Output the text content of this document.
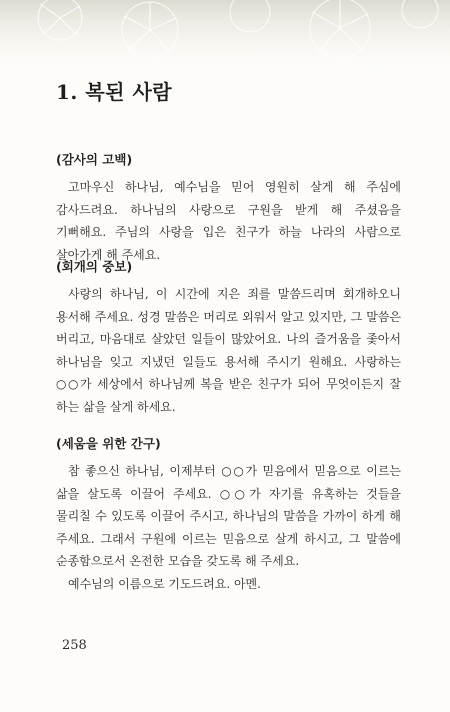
1. 복된 사람
(감사의 고백)

고마우신 하나님, 예수님을 믿어 영원히 살게 해 주심에 감사드려요. 하나님의 사랑으로 구원을 받게 해 주셨음을 기뻐해요. 주님의 사랑을 입은 친구가 하늘 나라의 사람으로 살아가게 해 주세요.

(회개의 중보)

사랑의 하나님, 이 시간에 지은 죄를 말씀드리며 회개하오니 용서해 주세요. 성경 말씀은 머리로 외워서 알고 있지만, 그 말씀은 버리고, 마음대로 살았던 일들이 많았어요. 나의 즐거움을 좇아서 하나님을 잊고 지냈던 일들도 용서해 주시기 원해요. 사랑하는 ○○가 세상에서 하나님께 복을 받은 친구가 되어 무엇이든지 잘 하는 삶을 살게 하세요.

(세움을 위한 간구)

참 좋으신 하나님, 이제부터 ○○가 믿음에서 믿음으로 이르는 삶을 살도록 이끌어 주세요. ○○가 자기를 유혹하는 것들을 물리칠 수 있도록 이끌어 주시고, 하나님의 말씀을 가까이 하게 해 주세요. 그래서 구원에 이르는 믿음으로 살게 하시고, 그 말씀에 순종함으로서 온전한 모습을 갖도록 해 주세요.

예수님의 이름으로 기도드려요. 아멘.

258
